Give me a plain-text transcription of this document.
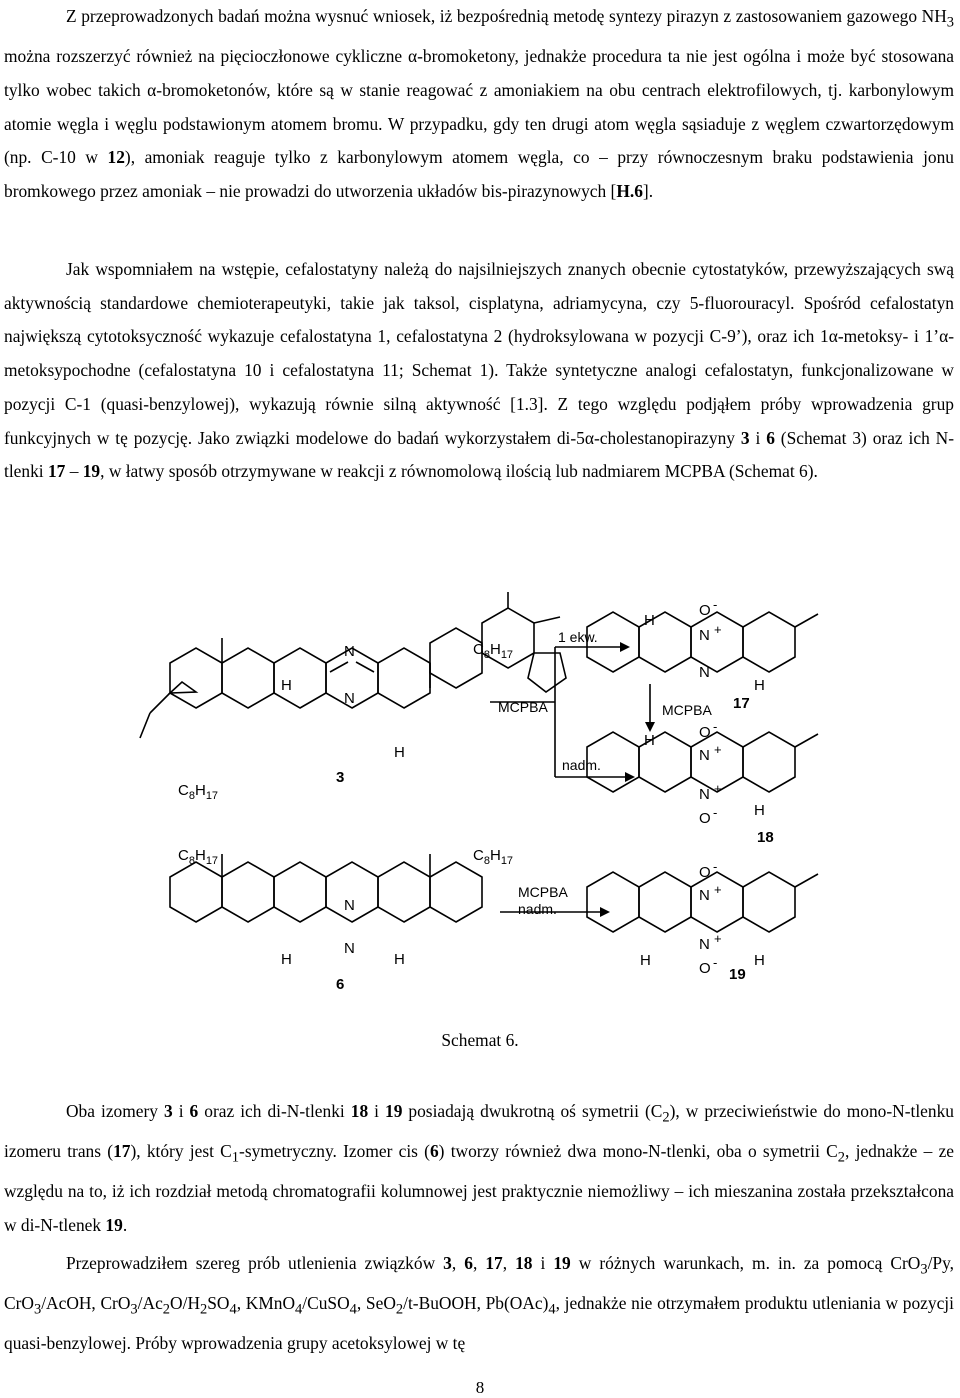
Z przeprowadzonych badań można wysnuć wniosek, iż bezpośrednią metodę syntezy pirazyn z zastosowaniem gazowego $NH_3$ można rozszerzyć również na pięcioczłonowe cykliczne α-bromoketony, jednakże procedura ta nie jest ogólna i może być stosowana tylko wobec takich α-bromoketonów, które są w stanie reagować z amoniakiem na obu centrach elektrofilowych, tj. karbonylowym atomie węgla i węglu podstawionym atomem bromu. W przypadku, gdy ten drugi atom węgla sąsiaduje z węglem czwartorzędowym (np. C-10 w 12), amoniak reaguje tylko z karbonylowym atomem węgla, co – przy równoczesnym braku podstawienia jonu bromkowego przez amoniak – nie prowadzi do utworzenia układów bis-pirazynowych [H.6].

Jak wspomniałem na wstępie, cefalostatyny należą do najsilniejszych znanych obecnie cytostatyków, przewyższających swą aktywnością standardowe chemioterapeutyki, takie jak taksol, cisplatyna, adriamycyna, czy 5-fluorouracyl. Spośród cefalostatyn największą cytotoksyczność wykazuje cefalostatyna 1, cefalostatyna 2 (hydroksylowana w pozycji C-9’), oraz ich 1α-metoksy- i 1’α-metoksypochodne (cefalostatyna 10 i cefalostatyna 11; Schemat 1). Także syntetyczne analogi cefalostatyn, funkcjonalizowane w pozycji C-1 (quasi-benzylowej), wykazują równie silną aktywność [1.3]. Z tego względu podjąłem próby wprowadzenia grup funkcyjnych w tę pozycję. Jako związki modelowe do badań wykorzystałem di-5α-cholestanopirazyny 3 i 6 (Schemat 3) oraz ich N-tlenki 17 – 19, w łatwy sposób otrzymywane w reakcji z równomolową ilością lub nadmiarem MCPBA (Schemat 6).

N
N
H
H
3
$C_8H_{17}$
$C_8H_{17}$
1 ekw.
MCPBA
nadm.
MCPBA
MCPBA
nadm.
N +
O -
N
H
H
17
N +
O -
N +
O -
H
H
18
$C_8H_{17}$	$C_8H_{17}$
N
N
H	H
6
N +
O -
N +
O -
H	H
19
Schemat 6.

Oba izomery 3 i 6 oraz ich di-N-tlenki 18 i 19 posiadają dwukrotną oś symetrii $(C_2)$, w przeciwieństwie do mono-N-tlenku izomeru trans (17), który jest $C_1$-symetryczny. Izomer cis (6) tworzy również dwa mono-N-tlenki, oba o symetrii $C_2$, jednakże – ze względu na to, iż ich rozdział metodą chromatografii kolumnowej jest praktycznie niemożliwy – ich mieszanina została przekształcona w di-N-tlenek 19.

Przeprowadziłem szereg prób utlenienia związków 3, 6, 17, 18 i 19 w różnych warunkach, m. in. za pomocą CrO$_3$/Py, CrO$_3$/AcOH, $CrO_3/Ac_2O/H_2SO_4$, KMnO$_4$/CuSO$_4$, SeO$_2$/t-BuOOH, $Pb(OAc)_4$, jednakże nie otrzymałem produktu utleniania w pozycji quasi-benzylowej. Próby wprowadzenia grupy acetoksylowej w tę

8
